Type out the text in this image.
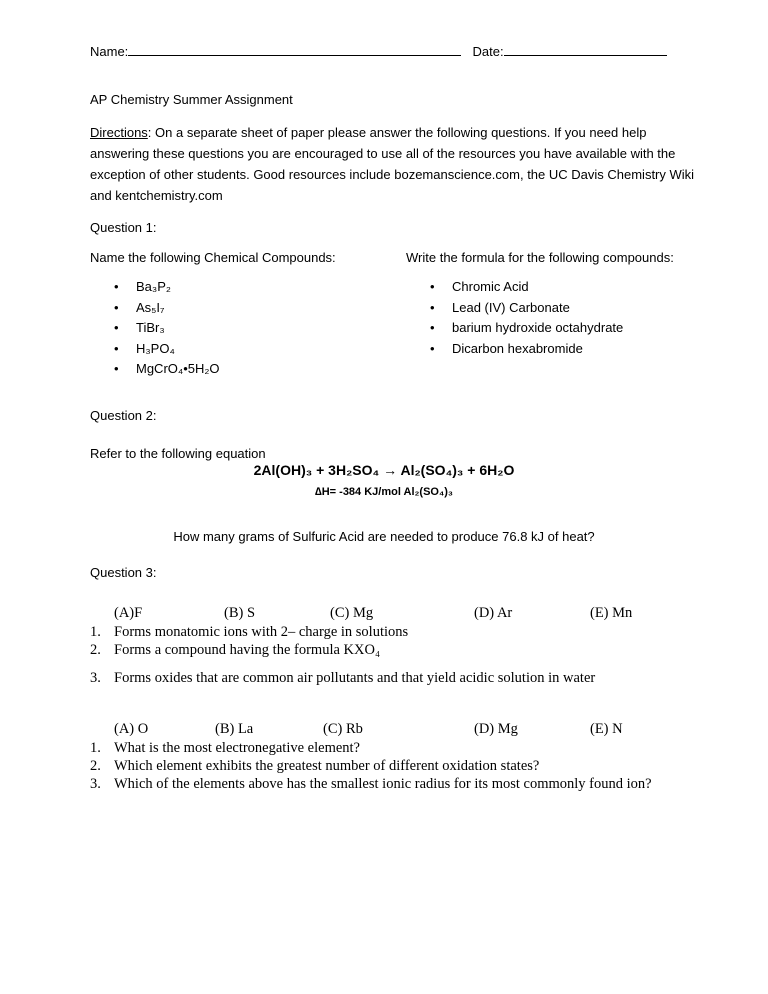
Name:	Date:
AP Chemistry Summer Assignment
Directions: On a separate sheet of paper please answer the following questions. If you need help
answering these questions you are encouraged to use all of the resources you have available with the
exception of other students. Good resources include bozemanscience.com, the UC Davis Chemistry Wiki
and kentchemistry.com
Question 1:
Name the following Chemical Compounds:	Write the formula for the following compounds:
• Ba₃P₂
• As₅I₇
• TiBr₃
• H₃PO₄
• MgCrO₄•5H₂O
• Chromic Acid
• Lead (IV) Carbonate
• barium hydroxide octahydrate
• Dicarbon hexabromide
Question 2:
Refer to the following equation
2Al(OH)₃ + 3H₂SO₄ → Al₂(SO₄)₃ + 6H₂O
∆H= -384 KJ/mol Al₂(SO₄)₃
How many grams of Sulfuric Acid are needed to produce 76.8 kJ of heat?
Question 3:
(A)F	(B) S	(C) Mg	(D) Ar	(E) Mn
1. Forms monatomic ions with 2– charge in solutions
2. Forms a compound having the formula KXO₄
3. Forms oxides that are common air pollutants and that yield acidic solution in water
(A) O	(B) La	(C) Rb	(D) Mg	(E) N
1. What is the most electronegative element?
2. Which element exhibits the greatest number of different oxidation states?
3. Which of the elements above has the smallest ionic radius for its most commonly found ion?
